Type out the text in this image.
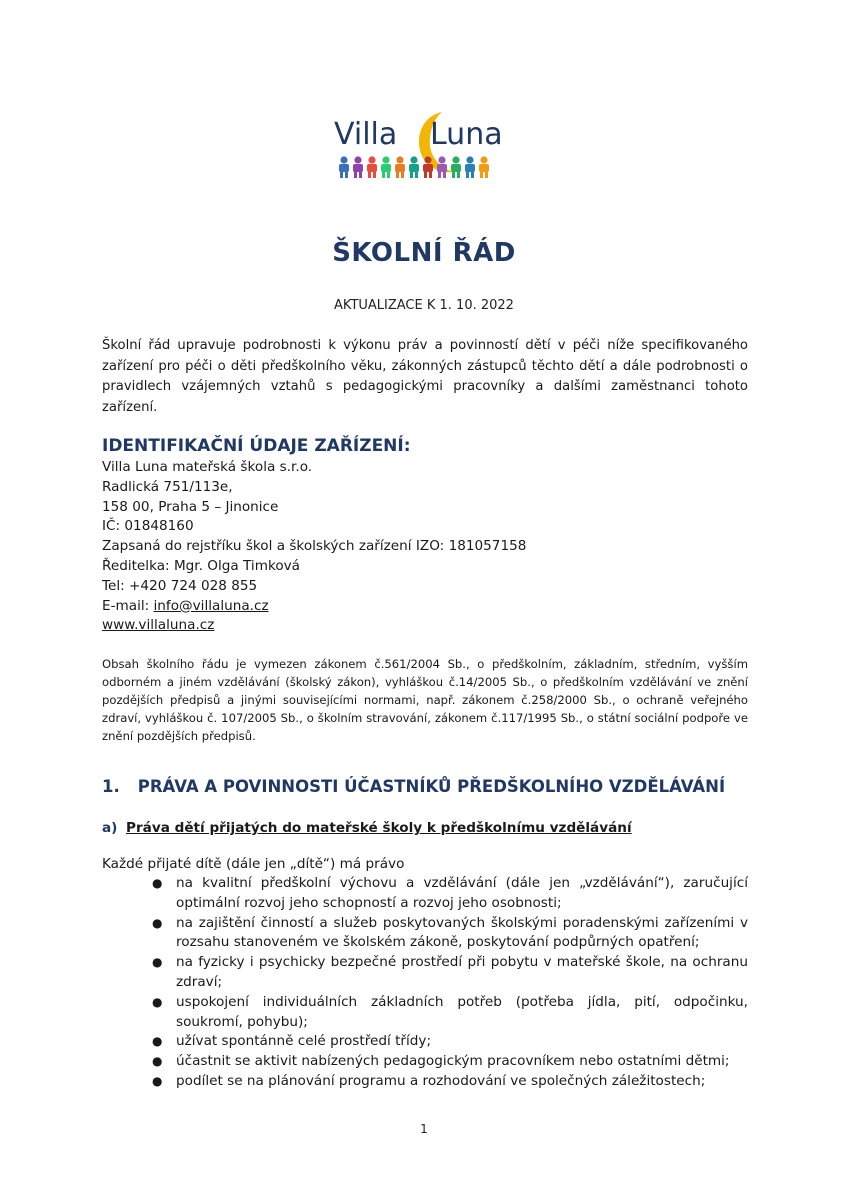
Villa Luna
ŠKOLNÍ ŘÁD
AKTUALIZACE K 1. 10. 2022

Školní řád upravuje podrobnosti k výkonu práv a povinností dětí v péči níže specifikovaného zařízení pro péči o děti předškolního věku, zákonných zástupců těchto dětí a dále podrobnosti o pravidlech vzájemných vztahů s pedagogickými pracovníky a dalšími zaměstnanci tohoto zařízení.

IDENTIFIKAČNÍ ÚDAJE ZAŘÍZENÍ:
Villa Luna mateřská škola s.r.o.
Radlická 751/113e,
158 00, Praha 5 – Jinonice
IČ: 01848160
Zapsaná do rejstříku škol a školských zařízení IZO: 181057158
Ředitelka: Mgr. Olga Timková
Tel: +420 724 028 855
E-mail: info@villaluna.cz
www.villaluna.cz

Obsah školního řádu je vymezen zákonem č.561/2004 Sb., o předškolním, základním, středním, vyšším odborném a jiném vzdělávání (školský zákon), vyhláškou č.14/2005 Sb., o předškolním vzdělávání ve znění pozdějších předpisů a jinými souvisejícími normami, např. zákonem č.258/2000 Sb., o ochraně veřejného zdraví, vyhláškou č. 107/2005 Sb., o školním stravování, zákonem č.117/1995 Sb., o státní sociální podpoře ve znění pozdějších předpisů.

1. PRÁVA A POVINNOSTI ÚČASTNÍKŮ PŘEDŠKOLNÍHO VZDĚLÁVÁNÍ
a) Práva dětí přijatých do mateřské školy k předškolnímu vzdělávání

Každé přijaté dítě (dále jen „dítě“) má právo

● na kvalitní předškolní výchovu a vzdělávání (dále jen „vzdělávání“), zaručující optimální rozvoj jeho schopností a rozvoj jeho osobnosti;
● na zajištění činností a služeb poskytovaných školskými poradenskými zařízeními v rozsahu stanoveném ve školském zákoně, poskytování podpůrných opatření;
● na fyzicky i psychicky bezpečné prostředí při pobytu v mateřské škole, na ochranu zdraví;
● uspokojení individuálních základních potřeb (potřeba jídla, pití, odpočinku, soukromí, pohybu);
● užívat spontánně celé prostředí třídy;
● účastnit se aktivit nabízených pedagogickým pracovníkem nebo ostatními dětmi;
● podílet se na plánování programu a rozhodování ve společných záležitostech;
1
